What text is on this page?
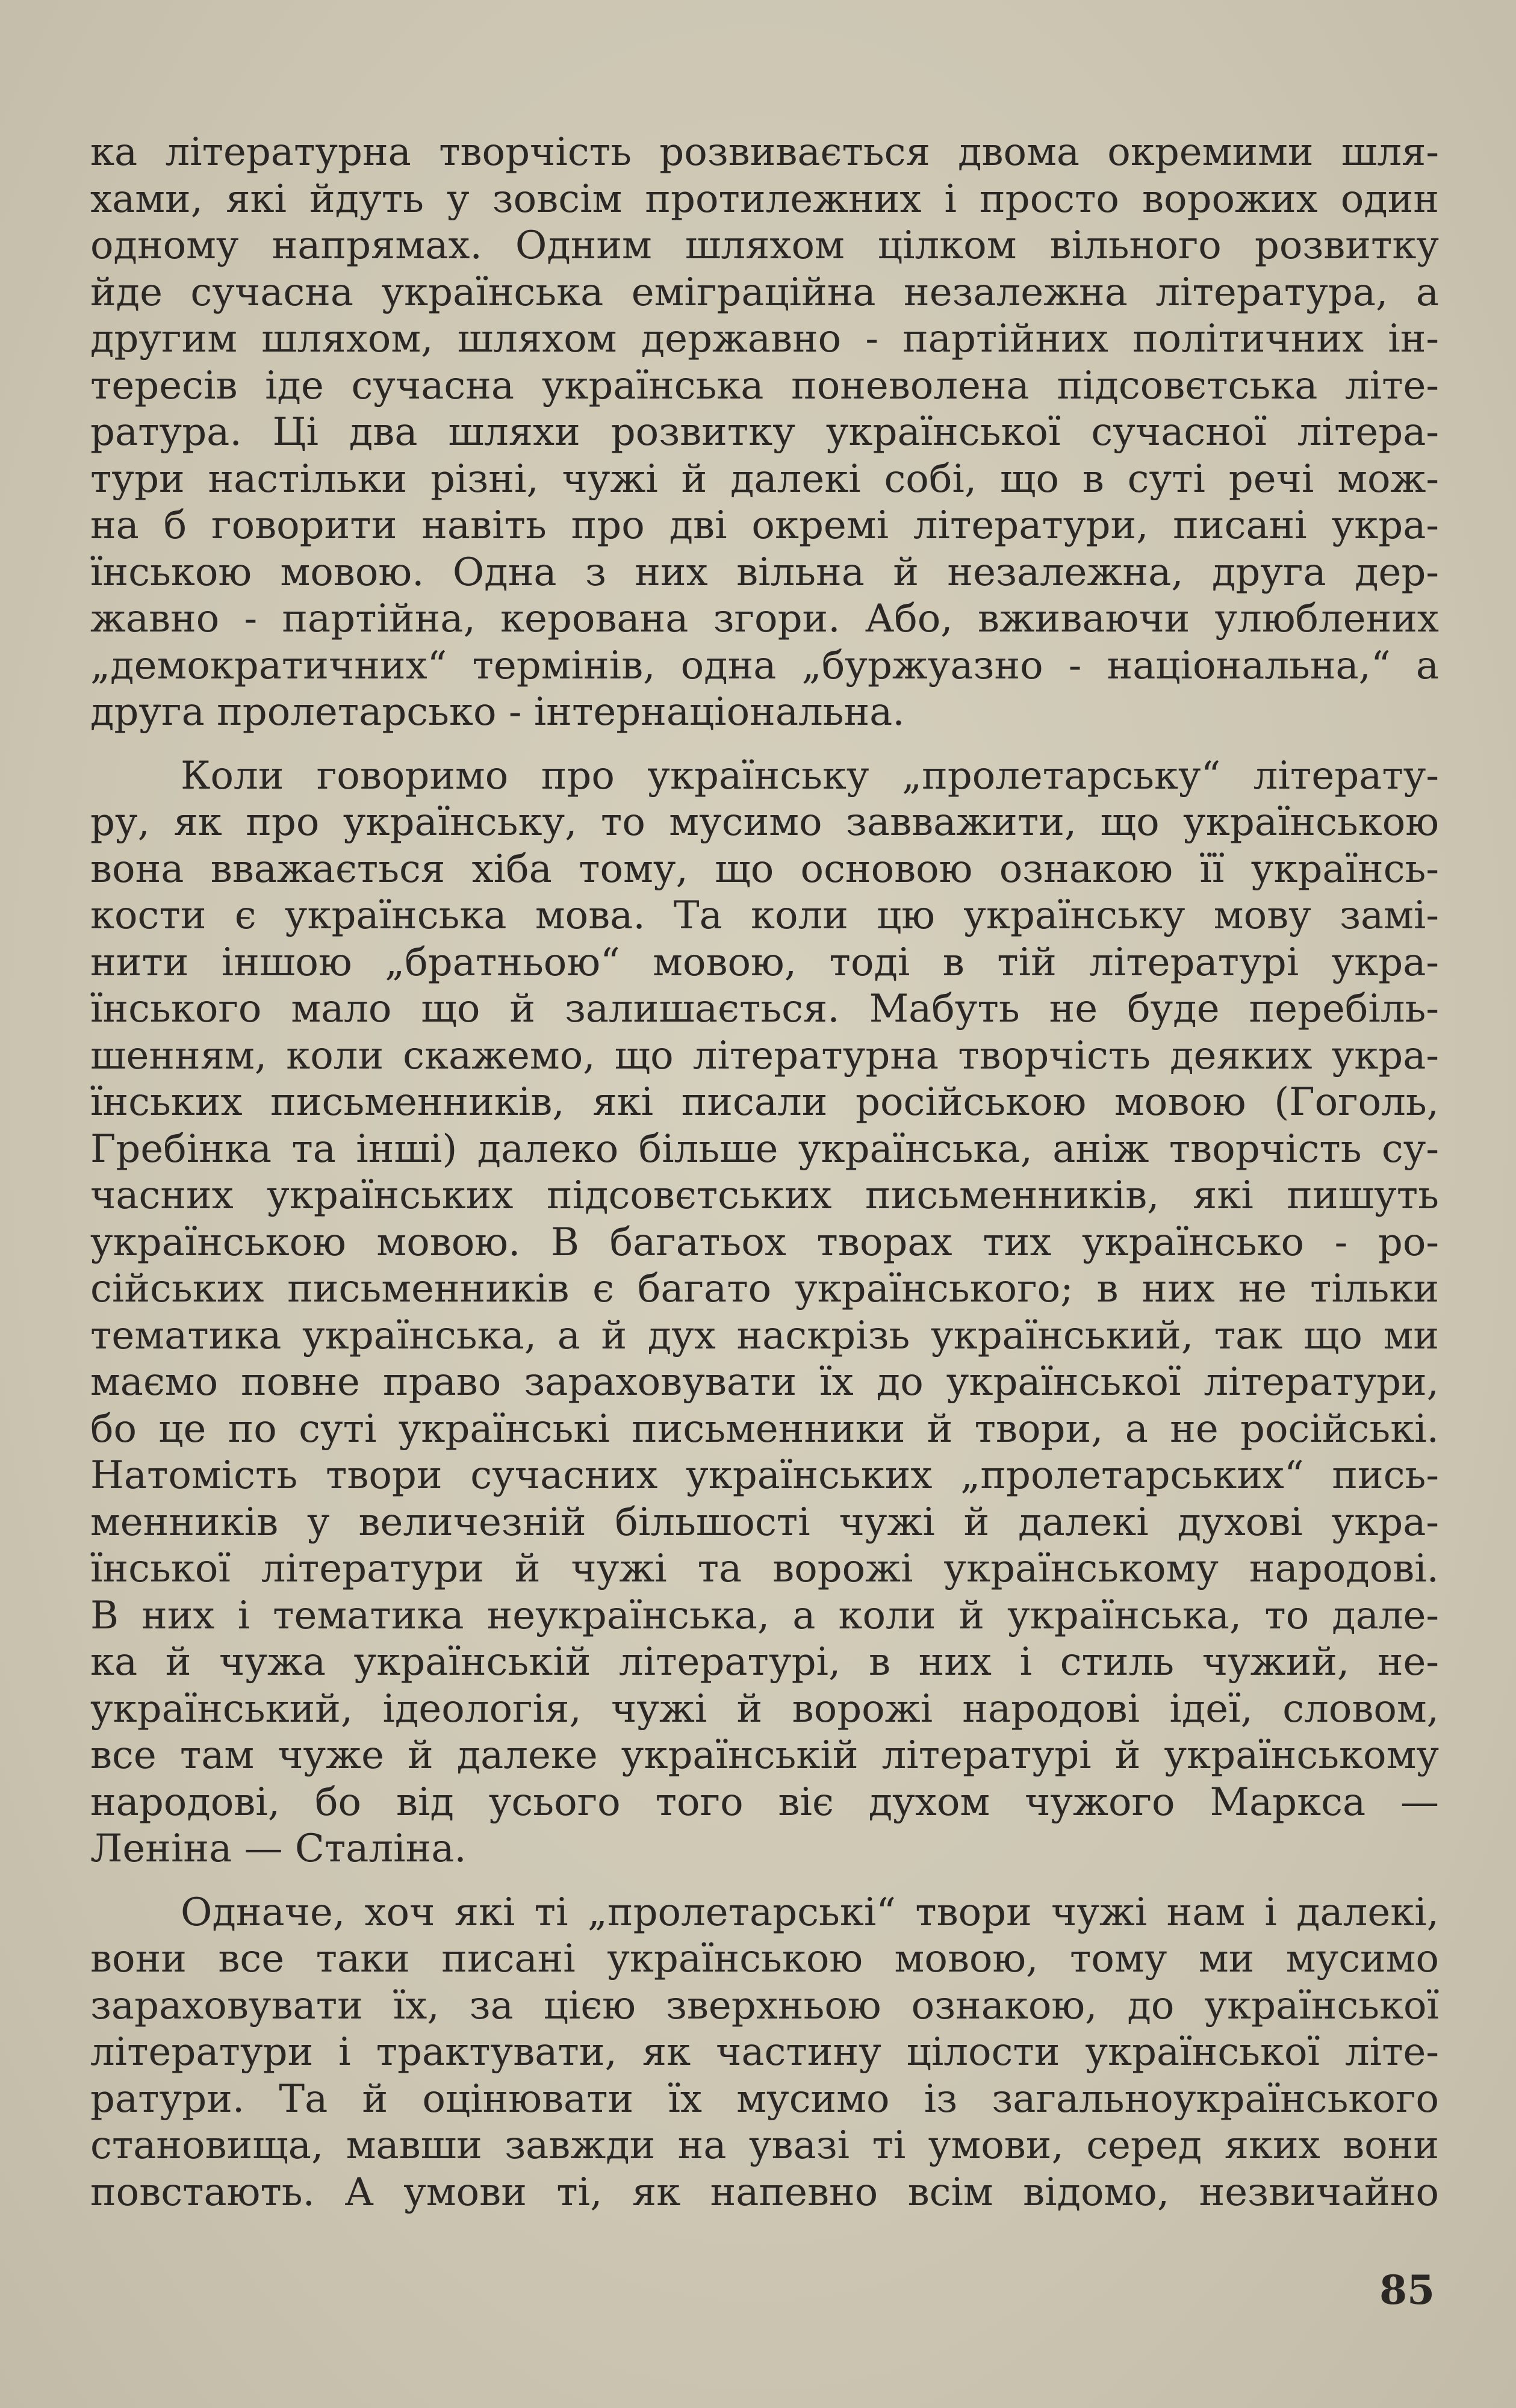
ка літературна творчість розвивається двома окремими шля-
хами, які йдуть у зовсім протилежних і просто ворожих один
одному напрямах. Одним шляхом цілком вільного розвитку
йде сучасна українська еміграційна незалежна література, а
другим шляхом, шляхом державно - партійних політичних ін-
тересів іде сучасна українська поневолена підсовєтська літе-
ратура. Ці два шляхи розвитку української сучасної літера-
тури настільки різні, чужі й далекі собі, що в суті речі мож-
на б говорити навіть про дві окремі літератури, писані укра-
їнською мовою. Одна з них вільна й незалежна, друга дер-
жавно - партійна, керована згори. Або, вживаючи улюблених
„демократичних“ термінів, одна „буржуазно - національна,“ а
друга пролетарсько - інтернаціональна.
Коли говоримо про українську „пролетарську“ літерату-
ру, як про українську, то мусимо завважити, що українською
вона вважається хіба тому, що основою ознакою її українсь-
кости є українська мова. Та коли цю українську мову замі-
нити іншою „братньою“ мовою, тоді в тій літературі укра-
їнського мало що й залишається. Мабуть не буде перебіль-
шенням, коли скажемо, що літературна творчість деяких укра-
їнських письменників, які писали російською мовою (Гоголь,
Гребінка та інші) далеко більше українська, аніж творчість су-
часних українських підсовєтських письменників, які пишуть
українською мовою. В багатьох творах тих українсько - ро-
сійських письменників є багато українського; в них не тільки
тематика українська, а й дух наскрізь український, так що ми
маємо повне право зараховувати їх до української літератури,
бо це по суті українські письменники й твори, а не російські.
Натомість твори сучасних українських „пролетарських“ пись-
менників у величезній більшості чужі й далекі духові укра-
їнської літератури й чужі та ворожі українському народові.
В них і тематика неукраїнська, а коли й українська, то дале-
ка й чужа українській літературі, в них і стиль чужий, не-
український, ідеологія, чужі й ворожі народові ідеї, словом,
все там чуже й далеке українській літературі й українському
народові, бо від усього того віє духом чужого Маркса —
Леніна — Сталіна.
Одначе, хоч які ті „пролетарські“ твори чужі нам і далекі,
вони все таки писані українською мовою, тому ми мусимо
зараховувати їх, за цією зверхньою ознакою, до української
літератури і трактувати, як частину цілости української літе-
ратури. Та й оцінювати їх мусимо із загальноукраїнського
становища, мавши завжди на увазі ті умови, серед яких вони
повстають. А умови ті, як напевно всім відомо, незвичайно
85
